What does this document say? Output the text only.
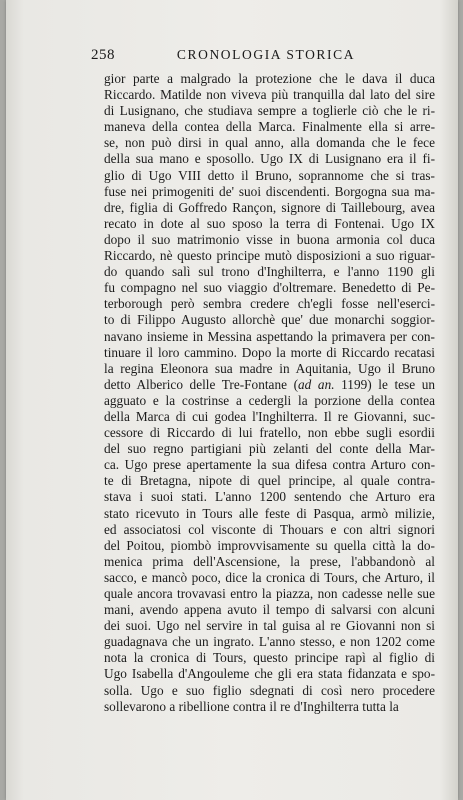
258	CRONOLOGIA STORICA
gior parte a malgrado la protezione che le dava il duca
Riccardo. Matilde non viveva più tranquilla dal lato del sire
di Lusignano, che studiava sempre a toglierle ciò che le ri-
maneva della contea della Marca. Finalmente ella si arre-
se, non può dirsi in qual anno, alla domanda che le fece
della sua mano e sposollo. Ugo IX di Lusignano era il fi-
glio di Ugo VIII detto il Bruno, soprannome che si tras-
fuse nei primogeniti de' suoi discendenti. Borgogna sua ma-
dre, figlia di Goffredo Rançon, signore di Taillebourg, avea
recato in dote al suo sposo la terra di Fontenai. Ugo IX
dopo il suo matrimonio visse in buona armonia col duca
Riccardo, nè questo principe mutò disposizioni a suo riguar-
do quando salì sul trono d'Inghilterra, e l'anno 1190 gli
fu compagno nel suo viaggio d'oltremare. Benedetto di Pe-
terborough però sembra credere ch'egli fosse nell'eserci-
to di Filippo Augusto allorchè que' due monarchi soggior-
navano insieme in Messina aspettando la primavera per con-
tinuare il loro cammino. Dopo la morte di Riccardo recatasi
la regina Eleonora sua madre in Aquitania, Ugo il Bruno
detto Alberico delle Tre-Fontane (ad an. 1199) le tese un
agguato e la costrinse a cedergli la porzione della contea
della Marca di cui godea l'Inghilterra. Il re Giovanni, suc-
cessore di Riccardo di lui fratello, non ebbe sugli esordii
del suo regno partigiani più zelanti del conte della Mar-
ca. Ugo prese apertamente la sua difesa contra Arturo con-
te di Bretagna, nipote di quel principe, al quale contra-
stava i suoi stati. L'anno 1200 sentendo che Arturo era
stato ricevuto in Tours alle feste di Pasqua, armò milizie,
ed associatosi col visconte di Thouars e con altri signori
del Poitou, piombò improvvisamente su quella città la do-
menica prima dell'Ascensione, la prese, l'abbandonò al
sacco, e mancò poco, dice la cronica di Tours, che Arturo, il
quale ancora trovavasi entro la piazza, non cadesse nelle sue
mani, avendo appena avuto il tempo di salvarsi con alcuni
dei suoi. Ugo nel servire in tal guisa al re Giovanni non si
guadagnava che un ingrato. L'anno stesso, e non 1202 come
nota la cronica di Tours, questo principe rapì al figlio di
Ugo Isabella d'Angouleme che gli era stata fidanzata e spo-
solla. Ugo e suo figlio sdegnati di così nero procedere
sollevarono a ribellione contra il re d'Inghilterra tutta la
